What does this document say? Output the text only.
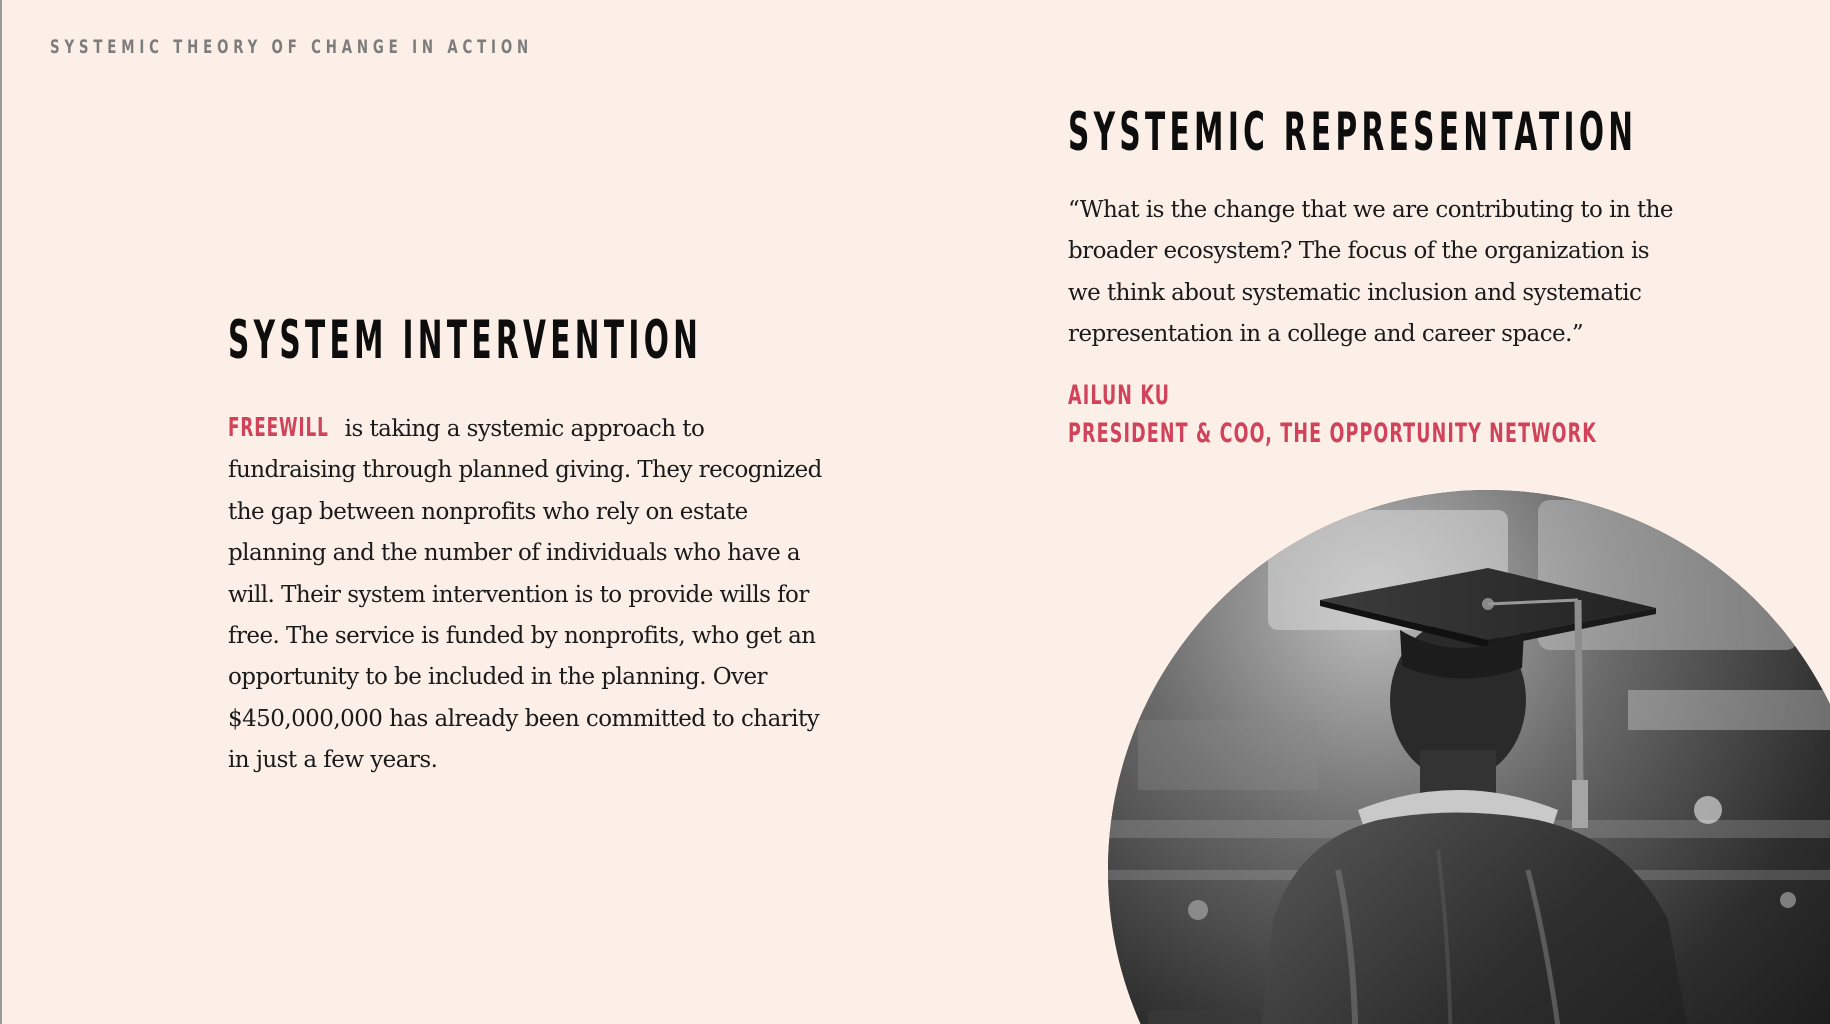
SYSTEMIC THEORY OF CHANGE IN ACTION
SYSTEM INTERVENTION
FREEWILL is taking a systemic approach to fundraising through planned giving. They recognized the gap between nonprofits who rely on estate planning and the number of individuals who have a will. Their system intervention is to provide wills for free. The service is funded by nonprofits, who get an opportunity to be included in the planning. Over $450,000,000 has already been committed to charity in just a few years.
SYSTEMIC REPRESENTATION
“What is the change that we are contributing to in the broader ecosystem? The focus of the organization is we think about systematic inclusion and systematic representation in a college and career space.”
AILUN KU
PRESIDENT & COO, THE OPPORTUNITY NETWORK
